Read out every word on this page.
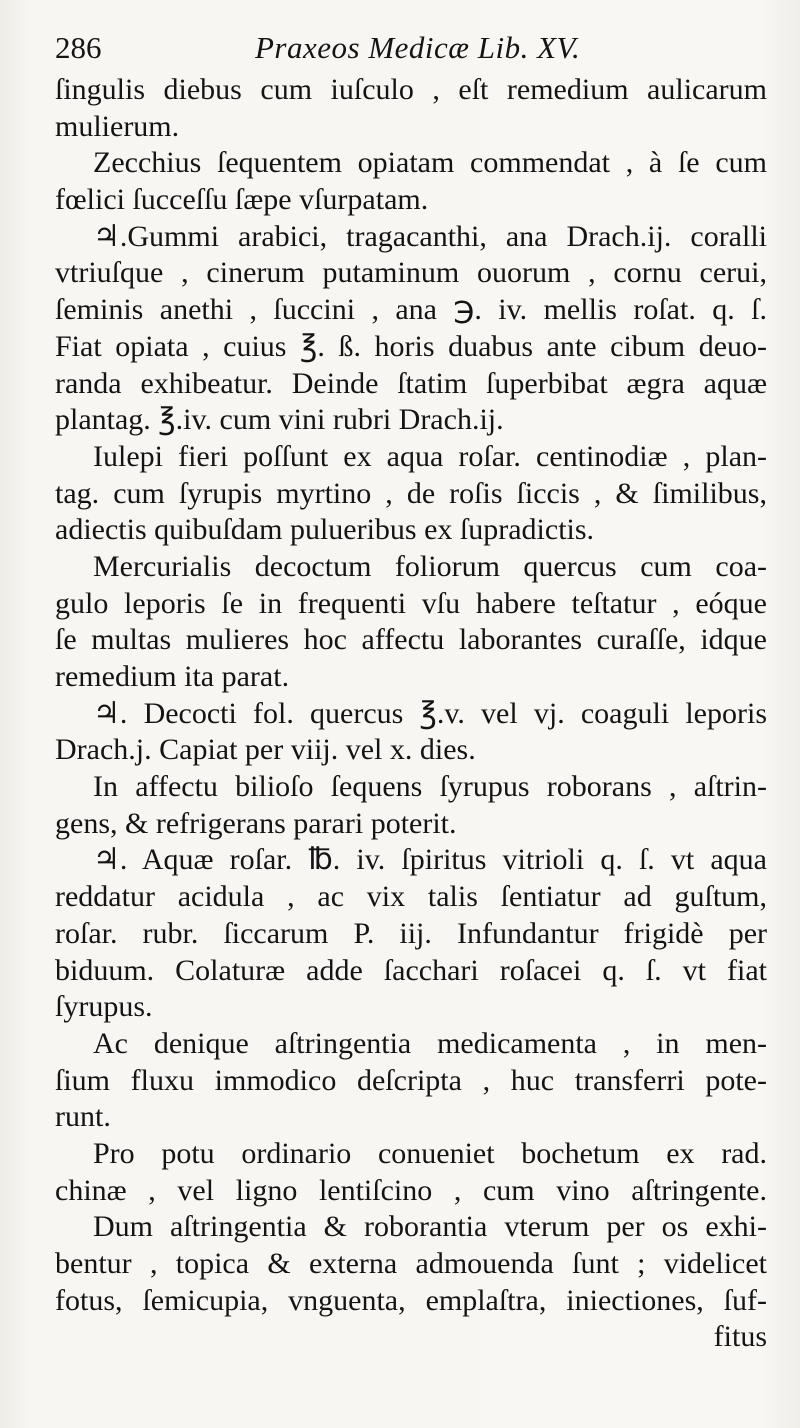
286	Praxeos Medicæ Lib. XV.
ſingulis diebus cum iuſculo , eſt remedium aulicarum
mulierum.
Zecchius ſequentem opiatam commendat , à ſe cum
fœlici ſucceſſu ſæpe vſurpatam.
♃.Gummi arabici, tragacanthi, ana Drach.ij. coralli
vtriuſque , cinerum putaminum ouorum , cornu cerui,
ſeminis anethi , ſuccini , ana ℈. iv. mellis roſat. q. ſ.
Fiat opiata , cuius ℥. ß. horis duabus ante cibum deuo-
randa exhibeatur. Deinde ſtatim ſuperbibat ægra aquæ
plantag. ℥.iv. cum vini rubri Drach.ij.
Iulepi fieri poſſunt ex aqua roſar. centinodiæ , plan-
tag. cum ſyrupis myrtino , de roſis ſiccis , & ſimilibus,
adiectis quibuſdam pulueribus ex ſupradictis.
Mercurialis decoctum foliorum quercus cum coa-
gulo leporis ſe in frequenti vſu habere teſtatur , eóque
ſe multas mulieres hoc affectu laborantes curaſſe, idque
remedium ita parat.
♃. Decocti fol. quercus ℥.v. vel vj. coaguli leporis
Drach.j. Capiat per viij. vel x. dies.
In affectu bilioſo ſequens ſyrupus roborans , aſtrin-
gens, & refrigerans parari poterit.
♃. Aquæ roſar. ℔. iv. ſpiritus vitrioli q. ſ. vt aqua
reddatur acidula , ac vix talis ſentiatur ad guſtum,
roſar. rubr. ſiccarum P. iij. Infundantur frigidè per
biduum. Colaturæ adde ſacchari roſacei q. ſ. vt fiat
ſyrupus.
Ac denique aſtringentia medicamenta , in men-
ſium fluxu immodico deſcripta , huc transferri pote-
runt.
Pro potu ordinario conueniet bochetum ex rad.
chinæ , vel ligno lentiſcino , cum vino aſtringente.
Dum aſtringentia & roborantia vterum per os exhi-
bentur , topica & externa admouenda ſunt ; videlicet
fotus, ſemicupia, vnguenta, emplaſtra, iniectiones, ſuf-
fitus
